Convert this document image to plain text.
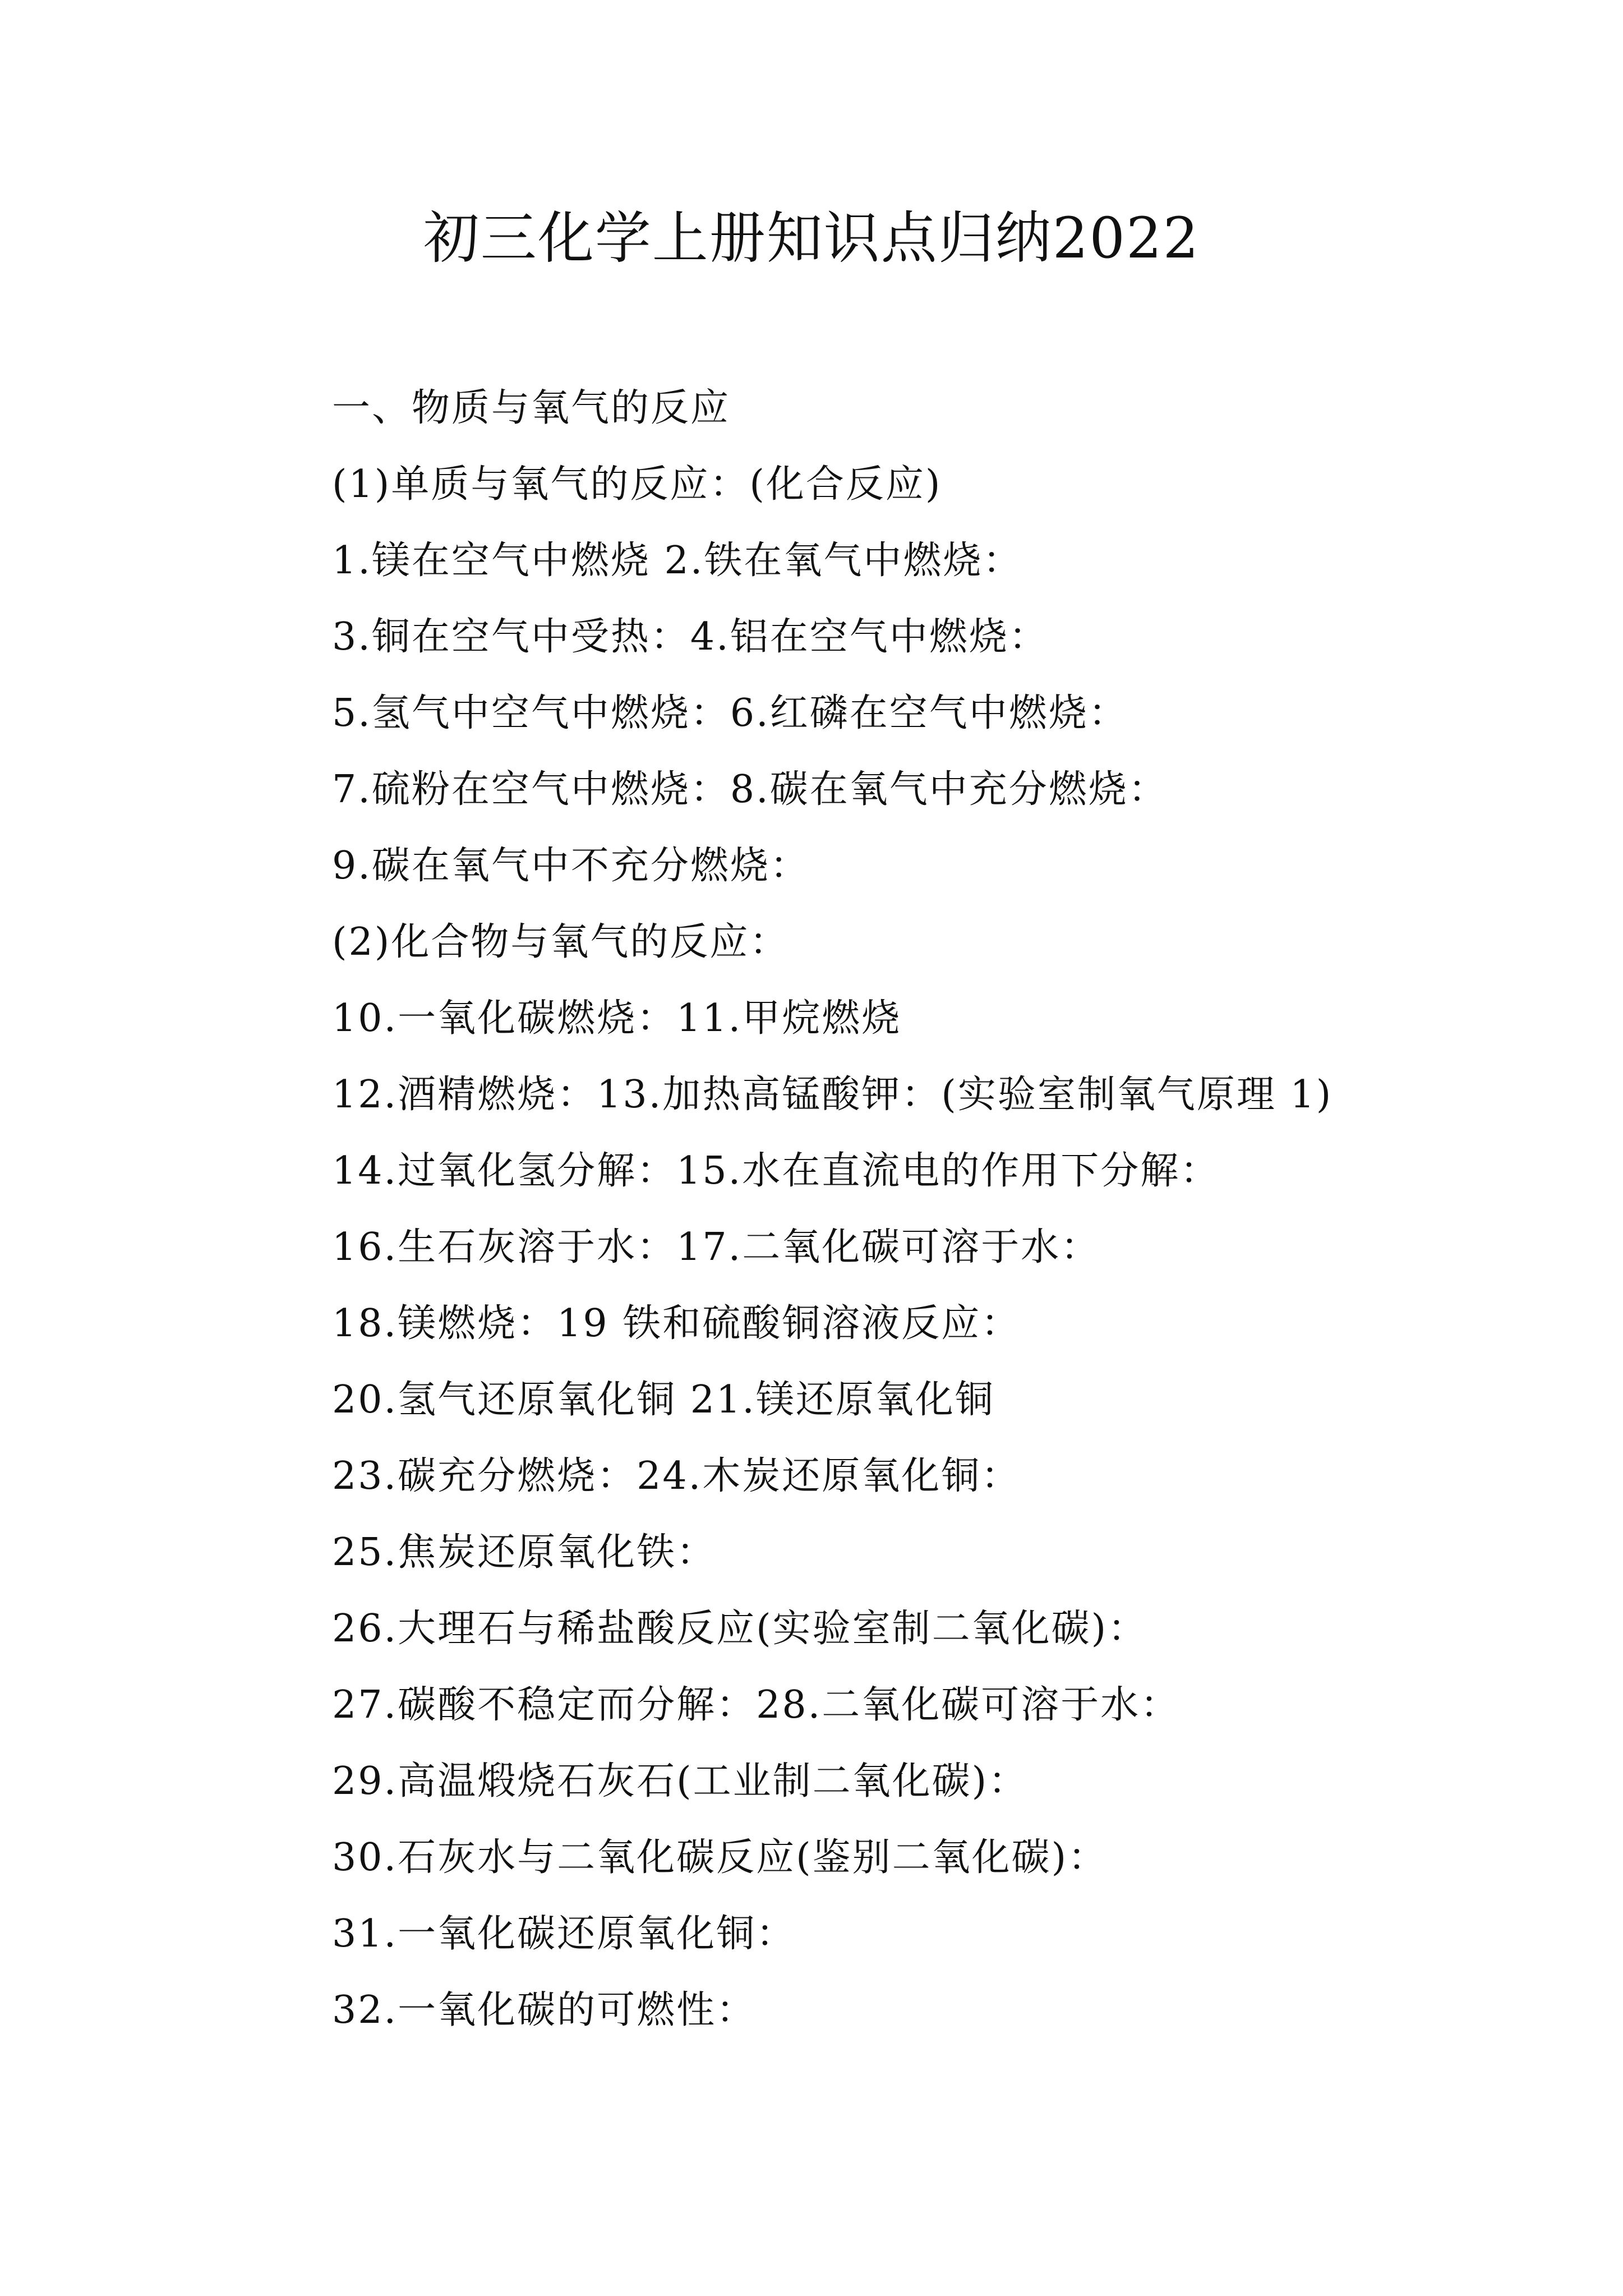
初三化学上册知识点归纳2022
一、物质与氧气的反应
(1)单质与氧气的反应：(化合反应)
1.镁在空气中燃烧 2.铁在氧气中燃烧：
3.铜在空气中受热：4.铝在空气中燃烧：
5.氢气中空气中燃烧：6.红磷在空气中燃烧：
7.硫粉在空气中燃烧：8.碳在氧气中充分燃烧：
9.碳在氧气中不充分燃烧：
(2)化合物与氧气的反应：
10.一氧化碳燃烧：11.甲烷燃烧
12.酒精燃烧：13.加热高锰酸钾：(实验室制氧气原理 1)
14.过氧化氢分解：15.水在直流电的作用下分解：
16.生石灰溶于水：17.二氧化碳可溶于水：
18.镁燃烧：19 铁和硫酸铜溶液反应：
20.氢气还原氧化铜 21.镁还原氧化铜
23.碳充分燃烧：24.木炭还原氧化铜：
25.焦炭还原氧化铁：
26.大理石与稀盐酸反应(实验室制二氧化碳)：
27.碳酸不稳定而分解：28.二氧化碳可溶于水：
29.高温煅烧石灰石(工业制二氧化碳)：
30.石灰水与二氧化碳反应(鉴别二氧化碳)：
31.一氧化碳还原氧化铜：
32.一氧化碳的可燃性：
